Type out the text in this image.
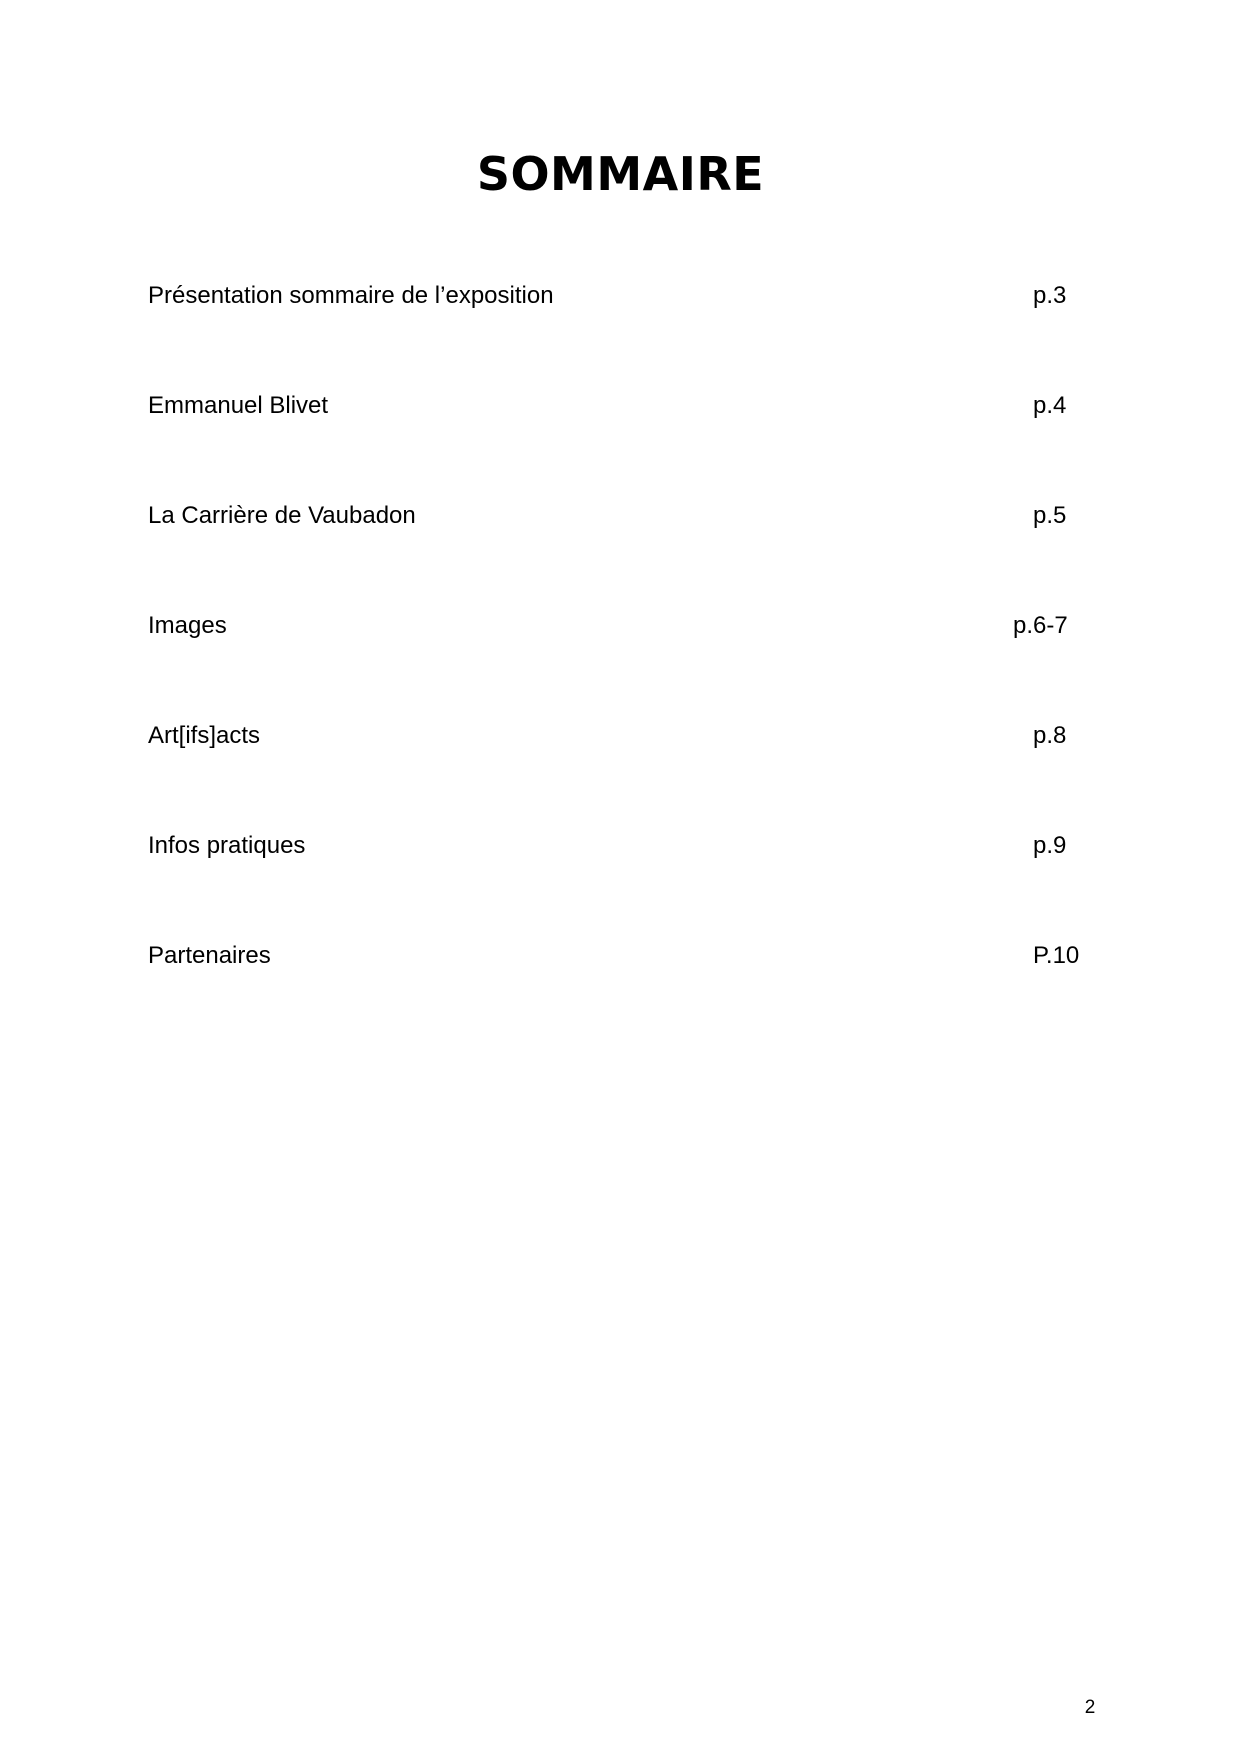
SOMMAIRE
Présentation sommaire de l’exposition	p.3
Emmanuel Blivet	p.4
La Carrière de Vaubadon	p.5
Images	p.6-7
Art[ifs]acts	p.8
Infos pratiques	p.9
Partenaires	P.10
2
